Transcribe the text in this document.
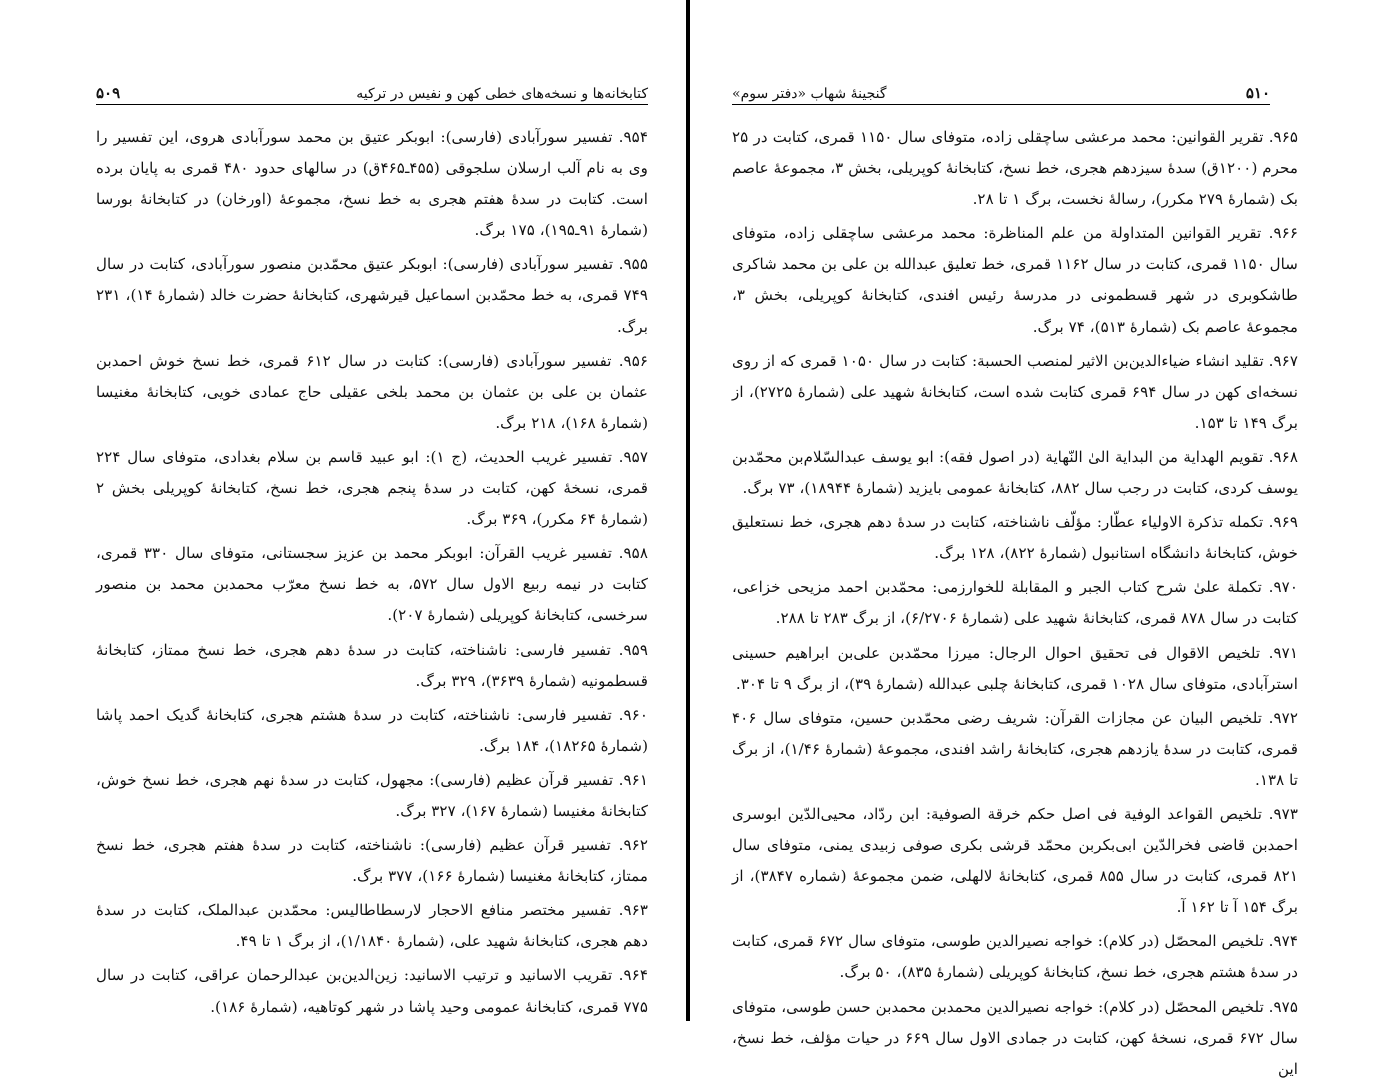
کتابخانه‌ها و نسخه‌های خطی کهن و نفیس در ترکیه
۵۰۹

۹۵۴. تفسیر سورآبادی (فارسی): ابوبکر عتیق بن محمد سورآبادی هروی، این تفسیر را وی به نام آلب ارسلان سلجوقی (۴۵۵ـ۴۶۵ق) در سالهای حدود ۴۸۰ قمری به پایان برده است. کتابت در سدهٔ هفتم هجری به خط نسخ، مجموعهٔ (اورخان) در کتابخانهٔ بورسا (شمارهٔ ۹۱ـ۱۹۵)، ۱۷۵ برگ.

۹۵۵. تفسیر سورآبادی (فارسی): ابوبکر عتیق محمّدبن منصور سورآبادی، کتابت در سال ۷۴۹ قمری، به خط محمّدبن اسماعیل قیرشهری، کتابخانهٔ حضرت خالد (شمارهٔ ۱۴)، ۲۳۱ برگ.

۹۵۶. تفسیر سورآبادی (فارسی): کتابت در سال ۶۱۲ قمری، خط نسخ خوش احمدبن عثمان بن علی بن عثمان بن محمد بلخی عقیلی حاج عمادی خویی، کتابخانهٔ مغنیسا (شمارهٔ ۱۶۸)، ۲۱۸ برگ.

۹۵۷. تفسیر غریب الحدیث، (ج ۱): ابو عبید قاسم بن سلام بغدادی، متوفای سال ۲۲۴ قمری، نسخهٔ کهن، کتابت در سدهٔ پنجم هجری، خط نسخ، کتابخانهٔ کوپریلی بخش ۲ (شمارهٔ ۶۴ مکرر)، ۳۶۹ برگ.

۹۵۸. تفسیر غریب القرآن: ابوبکر محمد بن عزیز سجستانی، متوفای سال ۳۳۰ قمری، کتابت در نیمه ربیع الاول سال ۵۷۲، به خط نسخ معرّب محمدبن محمد بن منصور سرخسی، کتابخانهٔ کوپریلی (شمارهٔ ۲۰۷).

۹۵۹. تفسیر فارسی: ناشناخته، کتابت در سدهٔ دهم هجری، خط نسخ ممتاز، کتابخانهٔ قسطمونیه (شمارهٔ ۳۶۳۹)، ۳۲۹ برگ.

۹۶۰. تفسیر فارسی: ناشناخته، کتابت در سدهٔ هشتم هجری، کتابخانهٔ گدیک احمد پاشا (شمارهٔ ۱۸۲۶۵)، ۱۸۴ برگ.

۹۶۱. تفسیر قرآن عظیم (فارسی): مجهول، کتابت در سدهٔ نهم هجری، خط نسخ خوش، کتابخانهٔ مغنیسا (شمارهٔ ۱۶۷)، ۳۲۷ برگ.

۹۶۲. تفسیر قرآن عظیم (فارسی): ناشناخته، کتابت در سدهٔ هفتم هجری، خط نسخ ممتاز، کتابخانهٔ مغنیسا (شمارهٔ ۱۶۶)، ۳۷۷ برگ.

۹۶۳. تفسیر مختصر منافع الاحجار لارسطاطالیس: محمّدبن عبدالملک، کتابت در سدهٔ دهم هجری، کتابخانهٔ شهید علی، (شمارهٔ ۱/۱۸۴۰)، از برگ ۱ تا ۴۹.

۹۶۴. تقریب الاسانید و ترتیب الاسانید: زین‌الدین‌بن عبدالرحمان عراقی، کتابت در سال ۷۷۵ قمری، کتابخانهٔ عمومی وحید پاشا در شهر کوتاهیه، (شمارهٔ ۱۸۶).

۵۱۰
گنجینهٔ شهاب «دفتر سوم»

۹۶۵. تقریر القوانین: محمد مرعشی ساچقلی زاده، متوفای سال ۱۱۵۰ قمری، کتابت در ۲۵ محرم (۱۲۰۰ق) سدهٔ سیزدهم هجری، خط نسخ، کتابخانهٔ کوپریلی، بخش ۳، مجموعهٔ عاصم بک (شمارهٔ ۲۷۹ مکرر)، رسالهٔ نخست، برگ ۱ تا ۲۸.

۹۶۶. تقریر القوانین المتداولة من علم المناظرة: محمد مرعشی ساچقلی زاده، متوفای سال ۱۱۵۰ قمری، کتابت در سال ۱۱۶۲ قمری، خط تعلیق عبدالله بن علی بن محمد شاکری طاشکوبری در شهر قسطمونی در مدرسهٔ رئیس افندی، کتابخانهٔ کوپریلی، بخش ۳، مجموعهٔ عاصم بک (شمارهٔ ۵۱۳)، ۷۴ برگ.

۹۶۷. تقلید انشاء ضیاءالدین‌بن الاثیر لمنصب الحسبة: کتابت در سال ۱۰۵۰ قمری که از روی نسخه‌ای کهن در سال ۶۹۴ قمری کتابت شده است، کتابخانهٔ شهید علی (شمارهٔ ۲۷۲۵)، از برگ ۱۴۹ تا ۱۵۳.

۹۶۸. تقویم الهدایة من البدایة الیٰ النّهایة (در اصول فقه): ابو یوسف عبدالسّلام‌بن محمّدبن یوسف کردی، کتابت در رجب سال ۸۸۲، کتابخانهٔ عمومی بایزید (شمارهٔ ۱۸۹۴۴)، ۷۳ برگ.

۹۶۹. تکمله تذکرة الاولیاء عطّار: مؤلّف ناشناخته، کتابت در سدهٔ دهم هجری، خط نستعلیق خوش، کتابخانهٔ دانشگاه استانبول (شمارهٔ ۸۲۲)، ۱۲۸ برگ.

۹۷۰. تکملة علیٰ شرح کتاب الجبر و المقابلة للخوارزمی: محمّدبن احمد مزیحی خزاعی، کتابت در سال ۸۷۸ قمری، کتابخانهٔ شهید علی (شمارهٔ ۶/۲۷۰۶)، از برگ ۲۸۳ تا ۲۸۸.

۹۷۱. تلخیص الاقوال فی تحقیق احوال الرجال: میرزا محمّدبن علی‌بن ابراهیم حسینی استرآبادی، متوفای سال ۱۰۲۸ قمری، کتابخانهٔ چلبی عبدالله (شمارهٔ ۳۹)، از برگ ۹ تا ۳۰۴.

۹۷۲. تلخیص البیان عن مجازات القرآن: شریف رضی محمّدبن حسین، متوفای سال ۴۰۶ قمری، کتابت در سدهٔ یازدهم هجری، کتابخانهٔ راشد افندی، مجموعهٔ (شمارهٔ ۱/۴۶)، از برگ تا ۱۳۸.

۹۷۳. تلخیص القواعد الوفیة فی اصل حکم خرقة الصوفیة: ابن ردّاد، محیی‌الدّین ابوسری احمدبن قاضی فخرالدّین ابی‌بکربن محمّد قرشی بکری صوفی زبیدی یمنی، متوفای سال ۸۲۱ قمری، کتابت در سال ۸۵۵ قمری، کتابخانهٔ لالهلی، ضمن مجموعهٔ (شماره ۳۸۴۷)، از برگ ۱۵۴ آ تا ۱۶۲ آ.

۹۷۴. تلخیص المحصّل (در کلام): خواجه نصیرالدین طوسی، متوفای سال ۶۷۲ قمری، کتابت در سدهٔ هشتم هجری، خط نسخ، کتابخانهٔ کوپریلی (شمارهٔ ۸۳۵)، ۵۰ برگ.

۹۷۵. تلخیص المحصّل (در کلام): خواجه نصیرالدین محمدبن محمدبن حسن طوسی، متوفای سال ۶۷۲ قمری، نسخهٔ کهن، کتابت در جمادی الاول سال ۶۶۹ در حیات مؤلف، خط نسخ، این
